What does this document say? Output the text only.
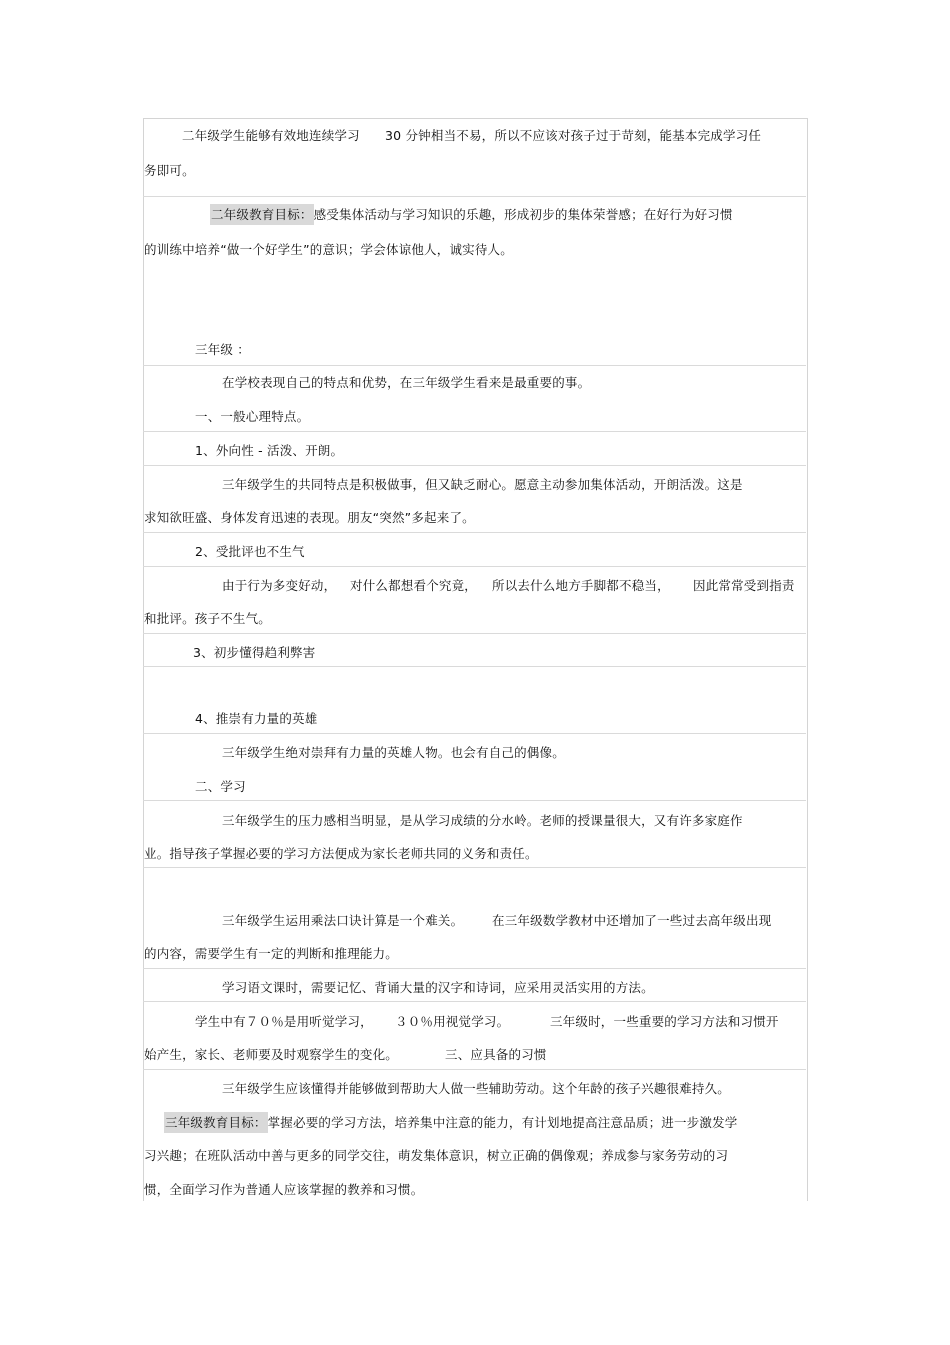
二年级学生能够有效地连续学习 30 分钟相当不易，所以不应该对孩子过于苛刻，能基本完成学习任
务即可。
二年级教育目标：感受集体活动与学习知识的乐趣，形成初步的集体荣誉感；在好行为好习惯
的训练中培养“做一个好学生”的意识；学会体谅他人，诚实待人。
三年级 ：
在学校表现自己的特点和优势，在三年级学生看来是最重要的事。
一、一般心理特点。
1、外向性 - 活泼、开朗。
三年级学生的共同特点是积极做事，但又缺乏耐心。愿意主动参加集体活动，开朗活泼。这是
求知欲旺盛、身体发育迅速的表现。朋友“突然”多起来了。
2、受批评也不生气
由于行为多变好动， 对什么都想看个究竟， 所以去什么地方手脚都不稳当， 因此常常受到指责
和批评。孩子不生气。
3、初步懂得趋利弊害
4、推崇有力量的英雄
三年级学生绝对崇拜有力量的英雄人物。也会有自己的偶像。
二、学习
三年级学生的压力感相当明显，是从学习成绩的分水岭。老师的授课量很大，又有许多家庭作
业。指导孩子掌握必要的学习方法便成为家长老师共同的义务和责任。
三年级学生运用乘法口诀计算是一个难关。 在三年级数学教材中还增加了一些过去高年级出现
的内容，需要学生有一定的判断和推理能力。
学习语文课时，需要记忆、背诵大量的汉字和诗词，应采用灵活实用的方法。
学生中有７０％是用听觉学习， ３０％用视觉学习。	三年级时，一些重要的学习方法和习惯开
始产生，家长、老师要及时观察学生的变化。	三、应具备的习惯
三年级学生应该懂得并能够做到帮助大人做一些辅助劳动。这个年龄的孩子兴趣很难持久。
三年级教育目标：掌握必要的学习方法，培养集中注意的能力，有计划地提高注意品质；进一步激发学
习兴趣；在班队活动中善与更多的同学交往，萌发集体意识，树立正确的偶像观；养成参与家务劳动的习
惯，全面学习作为普通人应该掌握的教养和习惯。
